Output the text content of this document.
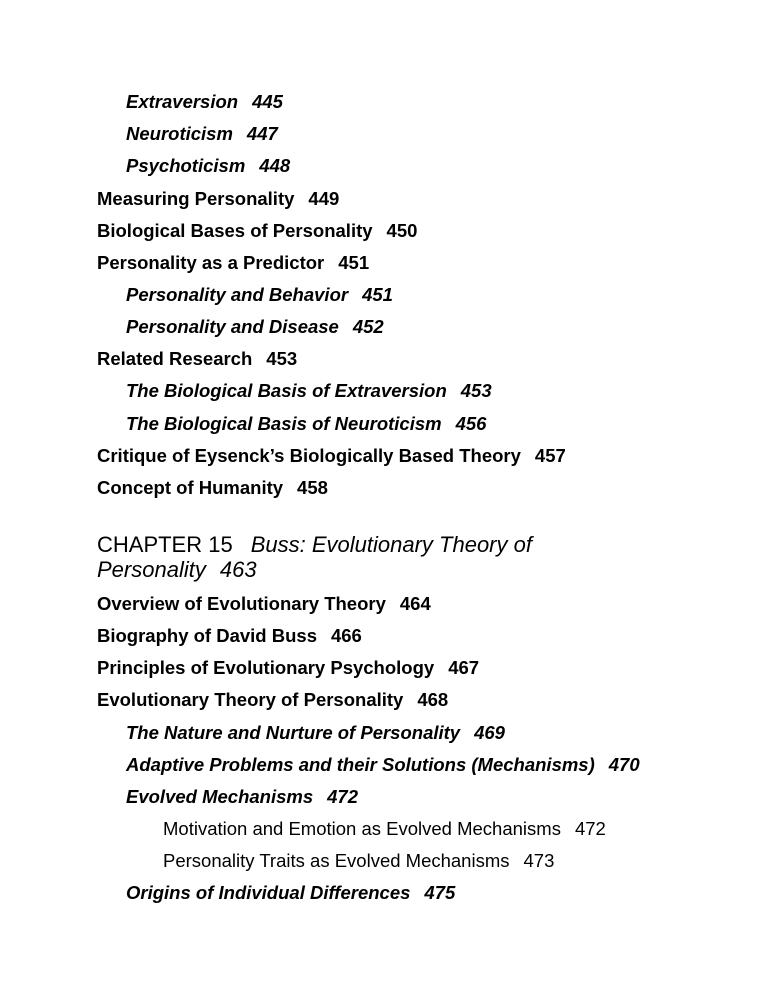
Extraversion 445
Neuroticism 447
Psychoticism 448
Measuring Personality 449
Biological Bases of Personality 450
Personality as a Predictor 451
Personality and Behavior 451
Personality and Disease 452
Related Research 453
The Biological Basis of Extraversion 453
The Biological Basis of Neuroticism 456
Critique of Eysenck’s Biologically Based Theory 457
Concept of Humanity 458
CHAPTER 15 Buss: Evolutionary Theory of
Personality 463
Overview of Evolutionary Theory 464
Biography of David Buss 466
Principles of Evolutionary Psychology 467
Evolutionary Theory of Personality 468
The Nature and Nurture of Personality 469
Adaptive Problems and their Solutions (Mechanisms) 470
Evolved Mechanisms 472
Motivation and Emotion as Evolved Mechanisms 472
Personality Traits as Evolved Mechanisms 473
Origins of Individual Differences 475
